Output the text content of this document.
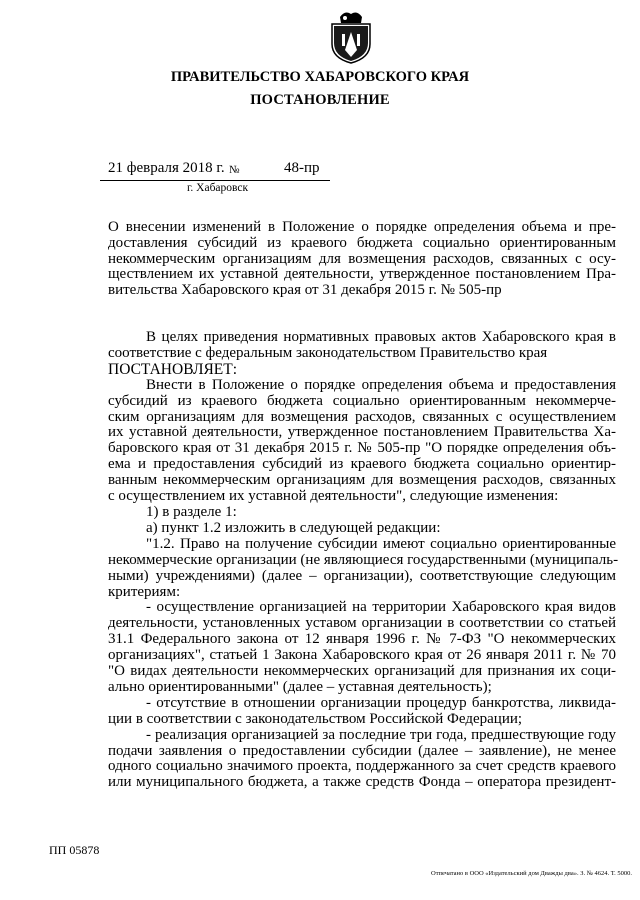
ПРАВИТЕЛЬСТВО ХАБАРОВСКОГО КРАЯ
ПОСТАНОВЛЕНИЕ
21 февраля 2018 г. №	48-пр
г. Хабаровск
О внесении изменений в Положение о порядке определения объема и пре-
доставления субсидий из краевого бюджета социально ориентированным
некоммерческим организациям для возмещения расходов, связанных с осу-
ществлением их уставной деятельности, утвержденное постановлением Пра-
вительства Хабаровского края от 31 декабря 2015 г. № 505-пр
В целях приведения нормативных правовых актов Хабаровского края в
соответствие с федеральным законодательством Правительство края
ПОСТАНОВЛЯЕТ:
Внести в Положение о порядке определения объема и предоставления
субсидий из краевого бюджета социально ориентированным некоммерче-
ским организациям для возмещения расходов, связанных с осуществлением
их уставной деятельности, утвержденное постановлением Правительства Ха-
баровского края от 31 декабря 2015 г. № 505-пр "О порядке определения объ-
ема и предоставления субсидий из краевого бюджета социально ориентир-
ванным некоммерческим организациям для возмещения расходов, связанных
с осуществлением их уставной деятельности", следующие изменения:
1) в разделе 1:
а) пункт 1.2 изложить в следующей редакции:
"1.2. Право на получение субсидии имеют социально ориентированные
некоммерческие организации (не являющиеся государственными (муниципаль-
ными) учреждениями) (далее – организации), соответствующие следующим
критериям:
- осуществление организацией на территории Хабаровского края видов
деятельности, установленных уставом организации в соответствии со статьей
31.1 Федерального закона от 12 января 1996 г. № 7-ФЗ "О некоммерческих
организациях", статьей 1 Закона Хабаровского края от 26 января 2011 г. № 70
"О видах деятельности некоммерческих организаций для признания их соци-
ально ориентированными" (далее – уставная деятельность);
- отсутствие в отношении организации процедур банкротства, ликвида-
ции в соответствии с законодательством Российской Федерации;
- реализация организацией за последние три года, предшествующие году
подачи заявления о предоставлении субсидии (далее – заявление), не менее
одного социально значимого проекта, поддержанного за счет средств краевого
или муниципального бюджета, а также средств Фонда – оператора президент-
ПП 05878
Отпечатано в ООО «Издательский дом Дважды два». З. № 4624. Т. 5000.
